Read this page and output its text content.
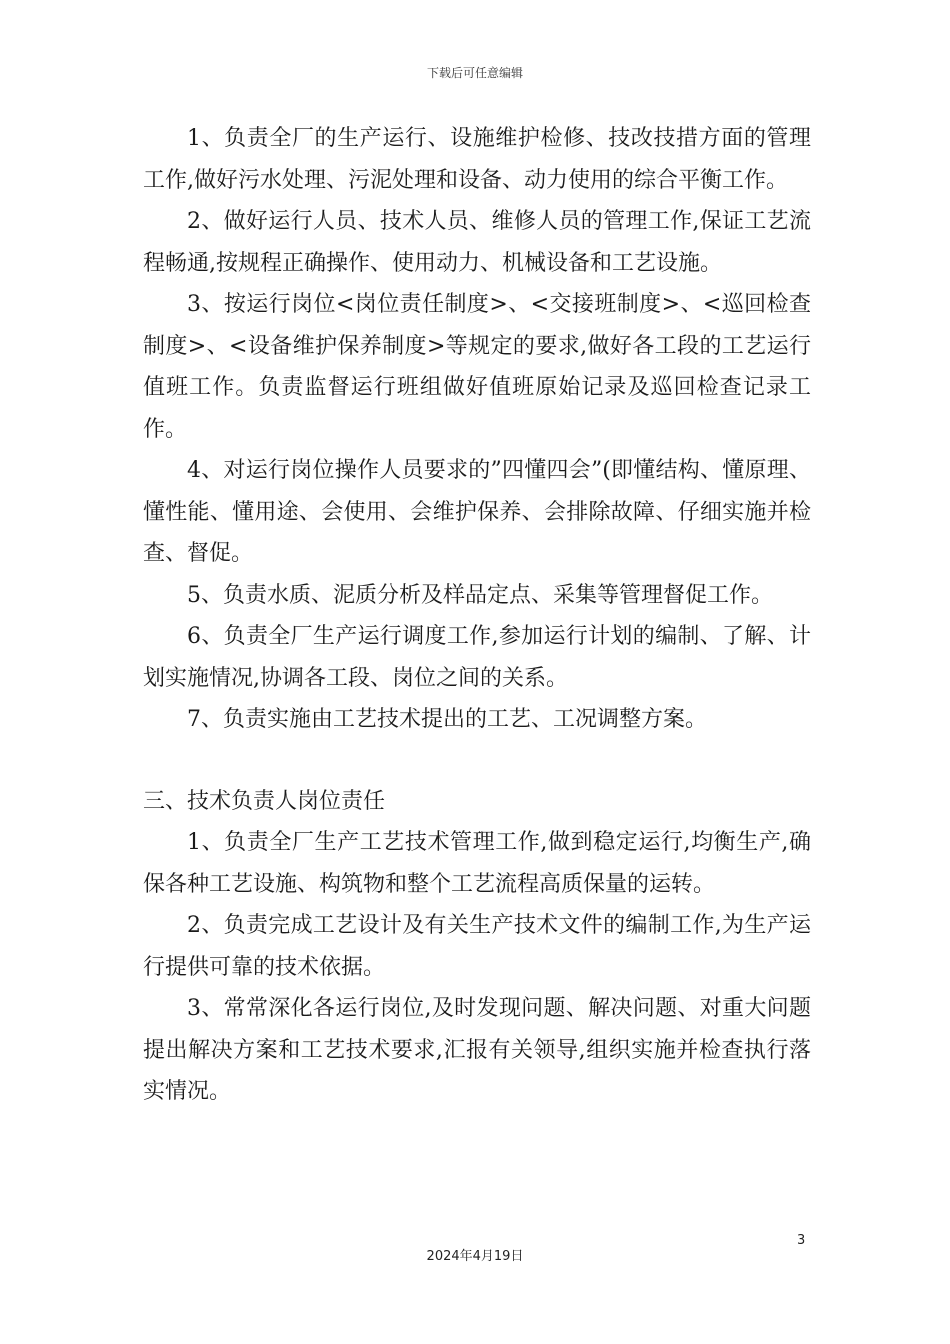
下载后可任意编辑

1、负责全厂的生产运行、设施维护检修、技改技措方面的管理工作,做好污水处理、污泥处理和设备、动力使用的综合平衡工作。

2、做好运行人员、技术人员、维修人员的管理工作,保证工艺流程畅通,按规程正确操作、使用动力、机械设备和工艺设施。

3、按运行岗位<岗位责任制度>、<交接班制度>、<巡回检查制度>、<设备维护保养制度>等规定的要求,做好各工段的工艺运行值班工作。负责监督运行班组做好值班原始记录及巡回检查记录工作。

4、对运行岗位操作人员要求的”四懂四会”(即懂结构、懂原理、懂性能、懂用途、会使用、会维护保养、会排除故障、仔细实施并检查、督促。

5、负责水质、泥质分析及样品定点、采集等管理督促工作。

6、负责全厂生产运行调度工作,参加运行计划的编制、了解、计划实施情况,协调各工段、岗位之间的关系。

7、负责实施由工艺技术提出的工艺、工况调整方案。

三、技术负责人岗位责任

1、负责全厂生产工艺技术管理工作,做到稳定运行,均衡生产,确保各种工艺设施、构筑物和整个工艺流程高质保量的运转。

2、负责完成工艺设计及有关生产技术文件的编制工作,为生产运行提供可靠的技术依据。

3、常常深化各运行岗位,及时发现问题、解决问题、对重大问题提出解决方案和工艺技术要求,汇报有关领导,组织实施并检查执行落实情况。

3
2024年4月19日
